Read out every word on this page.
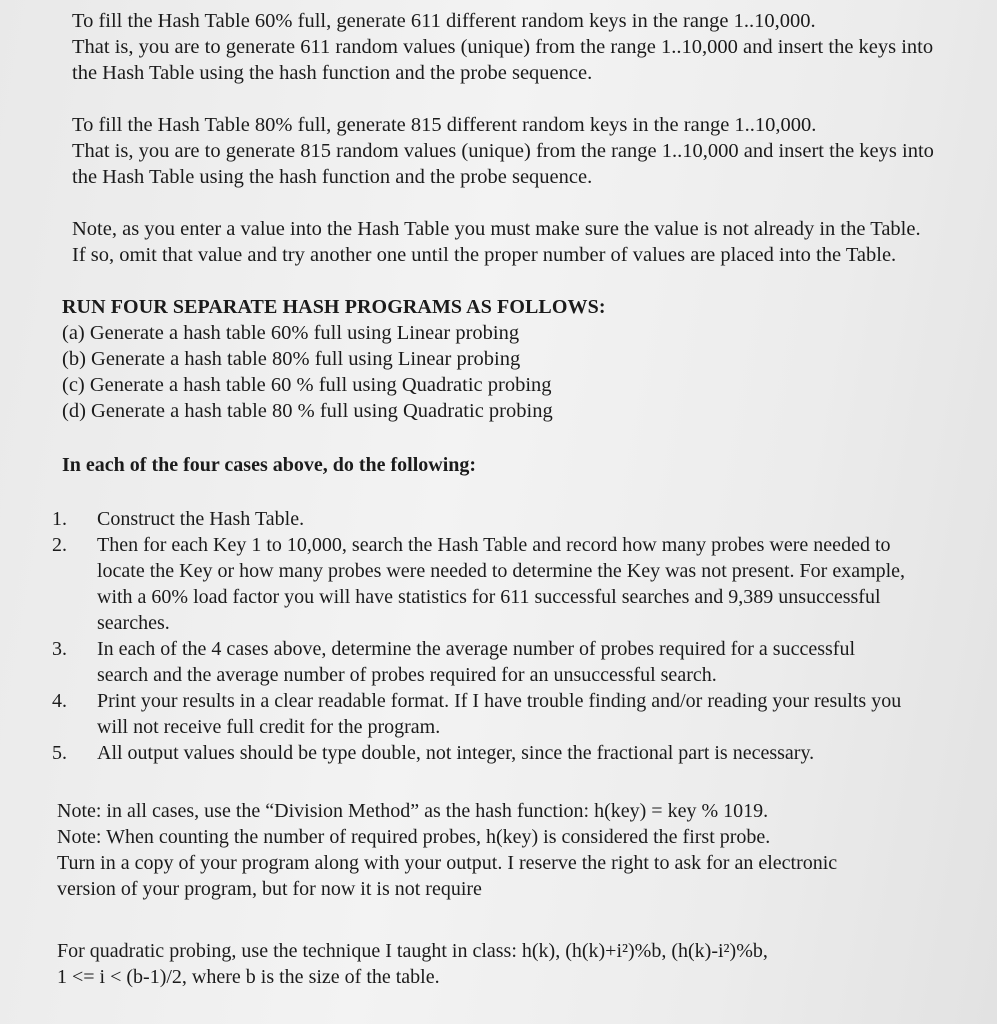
To fill the Hash Table 60% full, generate 611 different random keys in the range 1..10,000.

That is, you are to generate 611 random values (unique) from the range 1..10,000 and insert the keys into

the Hash Table using the hash function and the probe sequence.

To fill the Hash Table 80% full, generate 815 different random keys in the range 1..10,000.

That is, you are to generate 815 random values (unique) from the range 1..10,000 and insert the keys into

the Hash Table using the hash function and the probe sequence.

Note, as you enter a value into the Hash Table you must make sure the value is not already in the Table.

If so, omit that value and try another one until the proper number of values are placed into the Table.

RUN FOUR SEPARATE HASH PROGRAMS AS FOLLOWS:

(a) Generate a hash table 60% full using Linear probing

(b) Generate a hash table 80% full using Linear probing

(c) Generate a hash table 60 % full using Quadratic probing

(d) Generate a hash table 80 % full using Quadratic probing

In each of the four cases above, do the following:

1.	Construct the Hash Table.
2.	Then for each Key 1 to 10,000, search the Hash Table and record how many probes were needed to
locate the Key or how many probes were needed to determine the Key was not present. For example,
with a 60% load factor you will have statistics for 611 successful searches and 9,389 unsuccessful
searches.
3.	In each of the 4 cases above, determine the average number of probes required for a successful
search and the average number of probes required for an unsuccessful search.
4.	Print your results in a clear readable format. If I have trouble finding and/or reading your results you
will not receive full credit for the program.
5.	All output values should be type double, not integer, since the fractional part is necessary.

Note: in all cases, use the “Division Method” as the hash function: h(key) = key % 1019.

Note: When counting the number of required probes, h(key) is considered the first probe.

Turn in a copy of your program along with your output. I reserve the right to ask for an electronic

version of your program, but for now it is not require

For quadratic probing, use the technique I taught in class: h(k), (h(k)+i²)%b, (h(k)-i²)%b,

1 <= i < (b-1)/2, where b is the size of the table.
